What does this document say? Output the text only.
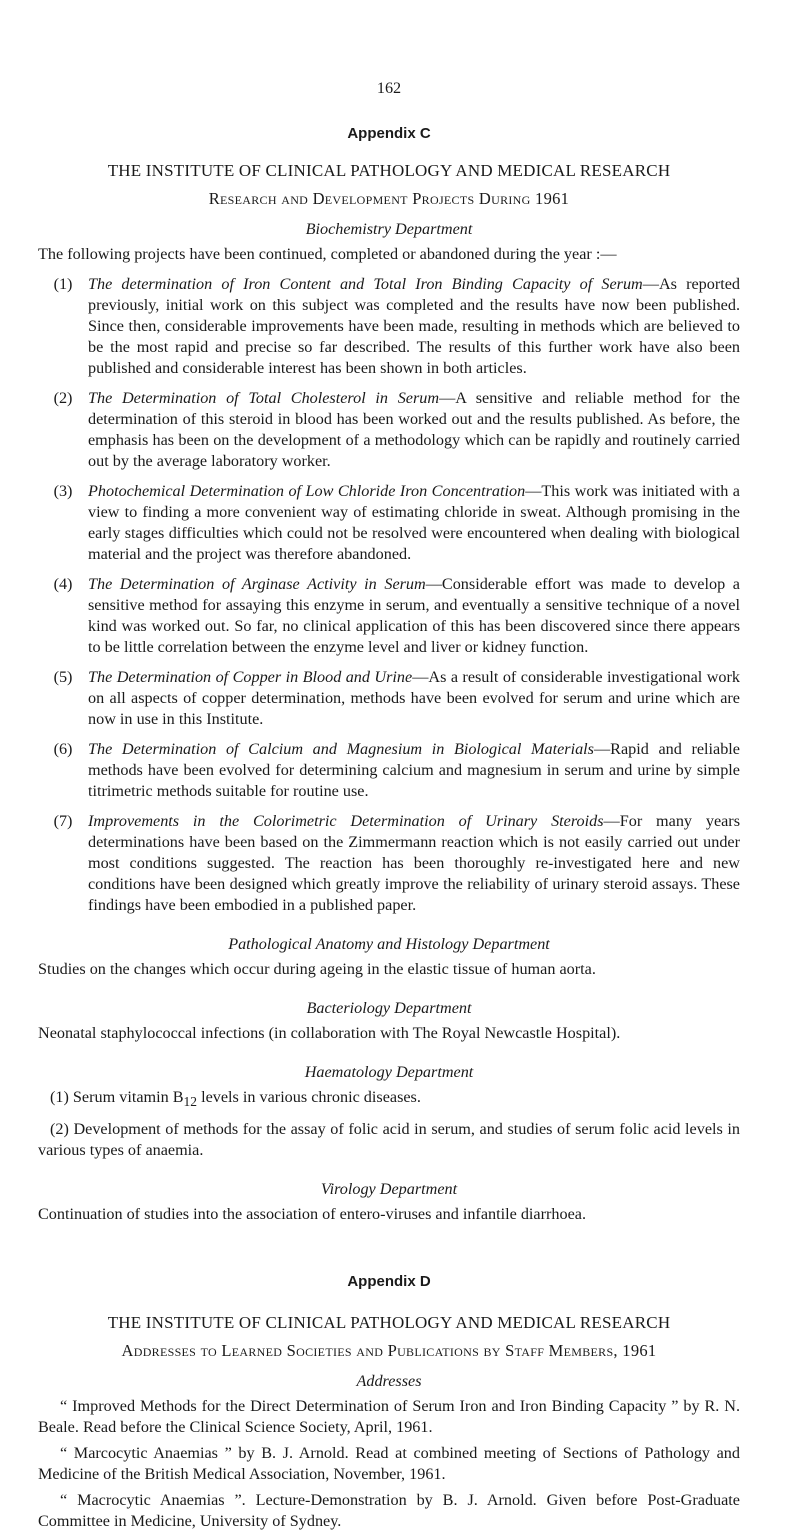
162
Appendix C
THE INSTITUTE OF CLINICAL PATHOLOGY AND MEDICAL RESEARCH
Research and Development Projects During 1961
Biochemistry Department

The following projects have been continued, completed or abandoned during the year :—

(1) The determination of Iron Content and Total Iron Binding Capacity of Serum—As reported previously, initial work on this subject was completed and the results have now been published. Since then, considerable improvements have been made, resulting in methods which are believed to be the most rapid and precise so far described. The results of this further work have also been published and considerable interest has been shown in both articles.
(2) The Determination of Total Cholesterol in Serum—A sensitive and reliable method for the determination of this steroid in blood has been worked out and the results published. As before, the emphasis has been on the development of a methodology which can be rapidly and routinely carried out by the average laboratory worker.
(3) Photochemical Determination of Low Chloride Iron Concentration—This work was initiated with a view to finding a more convenient way of estimating chloride in sweat. Although promising in the early stages difficulties which could not be resolved were encountered when dealing with biological material and the project was therefore abandoned.
(4) The Determination of Arginase Activity in Serum—Considerable effort was made to develop a sensitive method for assaying this enzyme in serum, and eventually a sensitive technique of a novel kind was worked out. So far, no clinical application of this has been discovered since there appears to be little correlation between the enzyme level and liver or kidney function.
(5) The Determination of Copper in Blood and Urine—As a result of considerable investigational work on all aspects of copper determination, methods have been evolved for serum and urine which are now in use in this Institute.
(6) The Determination of Calcium and Magnesium in Biological Materials—Rapid and reliable methods have been evolved for determining calcium and magnesium in serum and urine by simple titrimetric methods suitable for routine use.
(7) Improvements in the Colorimetric Determination of Urinary Steroids—For many years determinations have been based on the Zimmermann reaction which is not easily carried out under most conditions suggested. The reaction has been thoroughly re-investigated here and new conditions have been designed which greatly improve the reliability of urinary steroid assays. These findings have been embodied in a published paper.
Pathological Anatomy and Histology Department

Studies on the changes which occur during ageing in the elastic tissue of human aorta.

Bacteriology Department

Neonatal staphylococcal infections (in collaboration with The Royal Newcastle Hospital).

Haematology Department

(1) Serum vitamin $B_{12}$ levels in various chronic diseases.

(2) Development of methods for the assay of folic acid in serum, and studies of serum folic acid levels in various types of anaemia.

Virology Department

Continuation of studies into the association of entero-viruses and infantile diarrhoea.

Appendix D
THE INSTITUTE OF CLINICAL PATHOLOGY AND MEDICAL RESEARCH
Addresses to Learned Societies and Publications by Staff Members, 1961
Addresses

“ Improved Methods for the Direct Determination of Serum Iron and Iron Binding Capacity ” by R. N. Beale. Read before the Clinical Science Society, April, 1961.

“ Marcocytic Anaemias ” by B. J. Arnold. Read at combined meeting of Sections of Pathology and Medicine of the British Medical Association, November, 1961.

“ Macrocytic Anaemias ”. Lecture-Demonstration by B. J. Arnold. Given before Post-Graduate Committee in Medicine, University of Sydney.
